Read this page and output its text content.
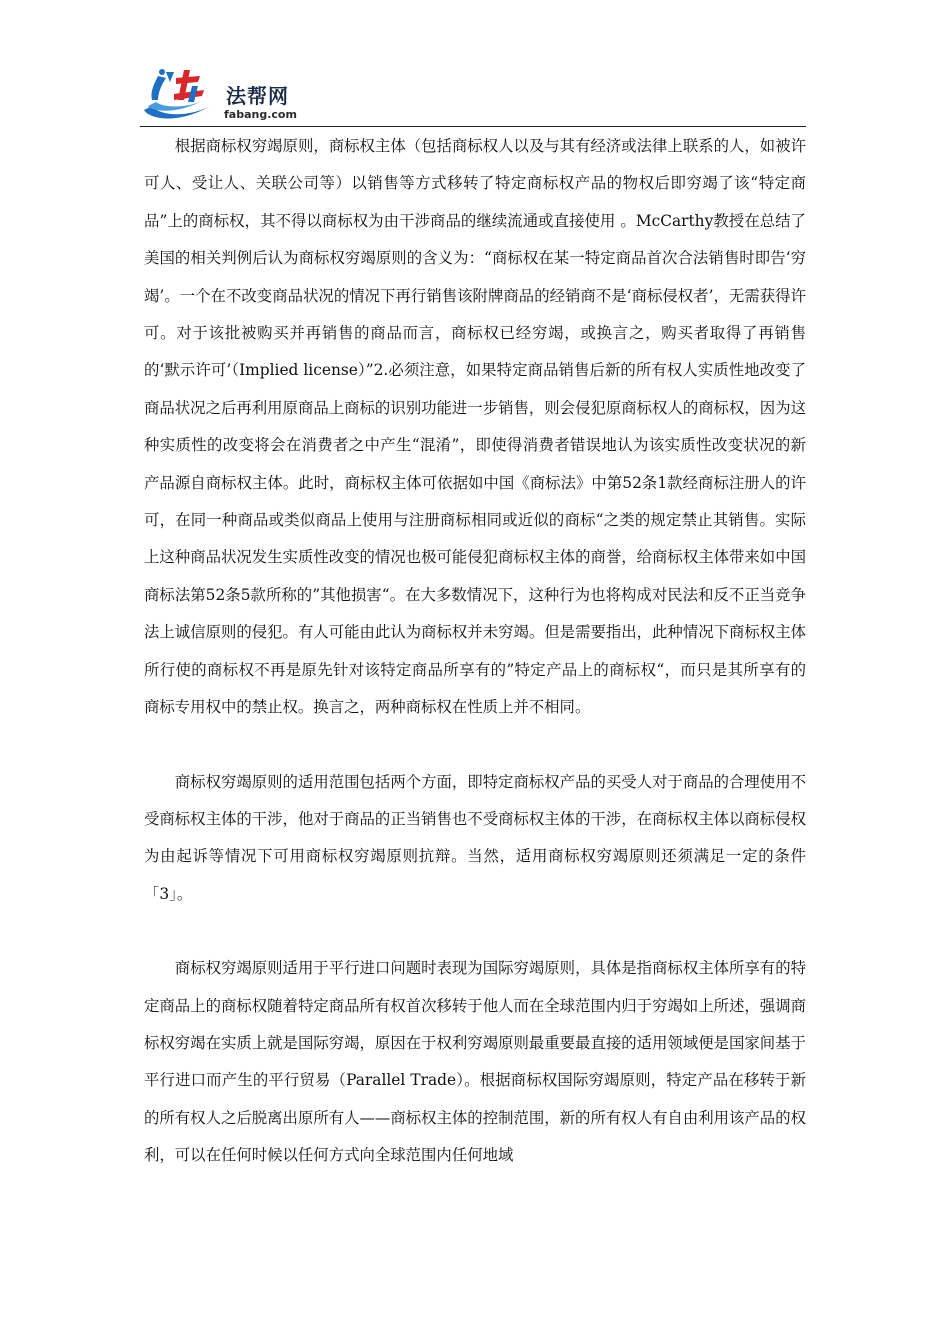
法帮网
fabang.com

根据商标权穷竭原则，商标权主体（包括商标权人以及与其有经济或法律上联系的人，如被许可人、受让人、关联公司等）以销售等方式移转了特定商标权产品的物权后即穷竭了该“特定商品”上的商标权，其不得以商标权为由干涉商品的继续流通或直接使用 。McCarthy教授在总结了美国的相关判例后认为商标权穷竭原则的含义为：“商标权在某一特定商品首次合法销售时即告‘穷竭’。一个在不改变商品状况的情况下再行销售该附牌商品的经销商不是‘商标侵权者’，无需获得许可。对于该批被购买并再销售的商品而言，商标权已经穷竭，或换言之，购买者取得了再销售的‘默示许可’（Implied license）”2.必须注意，如果特定商品销售后新的所有权人实质性地改变了商品状况之后再利用原商品上商标的识别功能进一步销售，则会侵犯原商标权人的商标权，因为这种实质性的改变将会在消费者之中产生“混淆”，即使得消费者错误地认为该实质性改变状况的新产品源自商标权主体。此时，商标权主体可依据如中国《商标法》中第52条1款经商标注册人的许可，在同一种商品或类似商品上使用与注册商标相同或近似的商标“之类的规定禁止其销售。实际上这种商品状况发生实质性改变的情况也极可能侵犯商标权主体的商誉，给商标权主体带来如中国商标法第52条5款所称的”其他损害“。在大多数情况下，这种行为也将构成对民法和反不正当竞争法上诚信原则的侵犯。有人可能由此认为商标权并未穷竭。但是需要指出，此种情况下商标权主体所行使的商标权不再是原先针对该特定商品所享有的”特定产品上的商标权“，而只是其所享有的商标专用权中的禁止权。换言之，两种商标权在性质上并不相同。

商标权穷竭原则的适用范围包括两个方面，即特定商标权产品的买受人对于商品的合理使用不受商标权主体的干涉，他对于商品的正当销售也不受商标权主体的干涉，在商标权主体以商标侵权为由起诉等情况下可用商标权穷竭原则抗辩。当然，适用商标权穷竭原则还须满足一定的条件「3」。

商标权穷竭原则适用于平行进口问题时表现为国际穷竭原则，具体是指商标权主体所享有的特定商品上的商标权随着特定商品所有权首次移转于他人而在全球范围内归于穷竭如上所述，强调商标权穷竭在实质上就是国际穷竭，原因在于权利穷竭原则最重要最直接的适用领域便是国家间基于平行进口而产生的平行贸易（Parallel Trade）。根据商标权国际穷竭原则，特定产品在移转于新的所有权人之后脱离出原所有人——商标权主体的控制范围，新的所有权人有自由利用该产品的权利，可以在任何时候以任何方式向全球范围内任何地域
